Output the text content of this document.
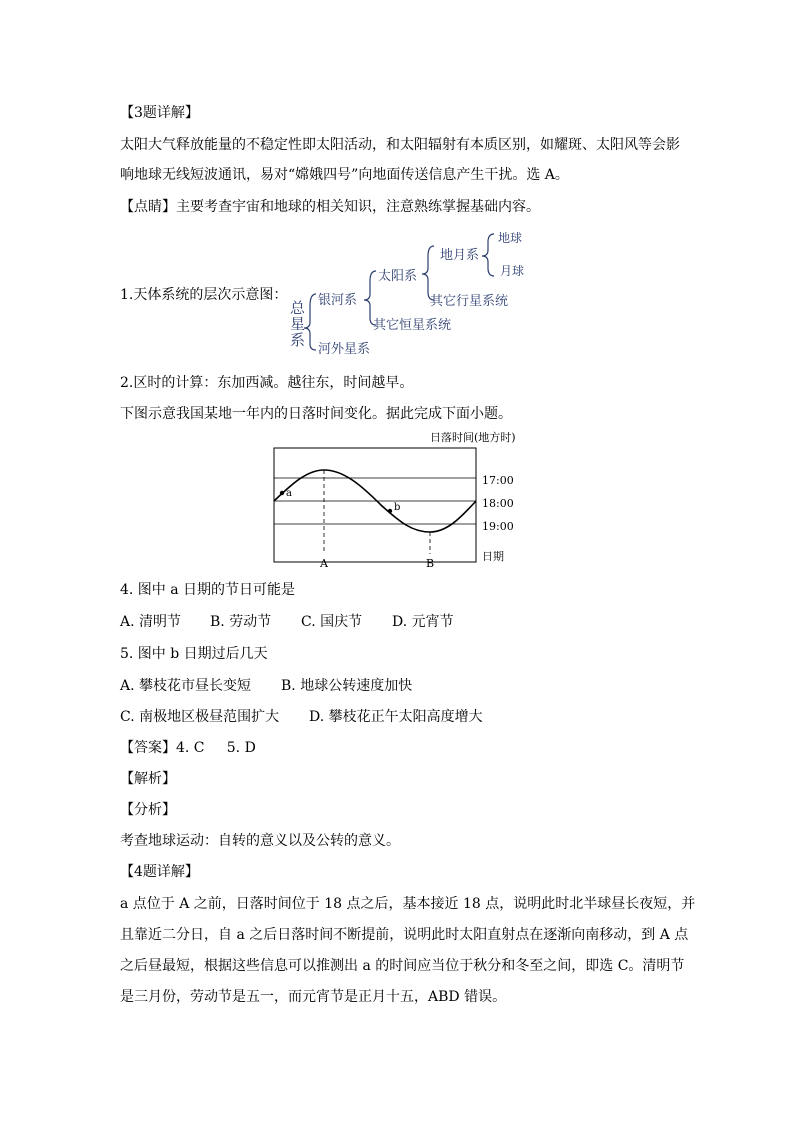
【3题详解】
太阳大气释放能量的不稳定性即太阳活动，和太阳辐射有本质区别，如耀斑、太阳风等会影
响地球无线短波通讯，易对“嫦娥四号”向地面传送信息产生干扰。选 A。
【点睛】主要考查宇宙和地球的相关知识，注意熟练掌握基础内容。
1.天体系统的层次示意图：
总
星
系
银河系
河外星系
太阳系
其它恒星系统
地月系
其它行星系统
地球
月球
2.区时的计算：东加西减。越往东，时间越早。
下图示意我国某地一年内的日落时间变化。据此完成下面小题。
日落时间(地方时)
17:00
18:00
19:00
a
b
A	B
日期
4. 图中 a 日期的节日可能是
A. 清明节 B. 劳动节 C. 国庆节 D. 元宵节
5. 图中 b 日期过后几天
A. 攀枝花市昼长变短 B. 地球公转速度加快
C. 南极地区极昼范围扩大 D. 攀枝花正午太阳高度增大
【答案】4. C     5. D
【解析】
【分析】
考查地球运动：自转的意义以及公转的意义。
【4题详解】
a 点位于 A 之前，日落时间位于 18 点之后，基本接近 18 点，说明此时北半球昼长夜短，并
且靠近二分日，自 a 之后日落时间不断提前，说明此时太阳直射点在逐渐向南移动，到 A 点
之后昼最短，根据这些信息可以推测出 a 的时间应当位于秋分和冬至之间，即选 C。清明节
是三月份，劳动节是五一，而元宵节是正月十五，ABD 错误。
